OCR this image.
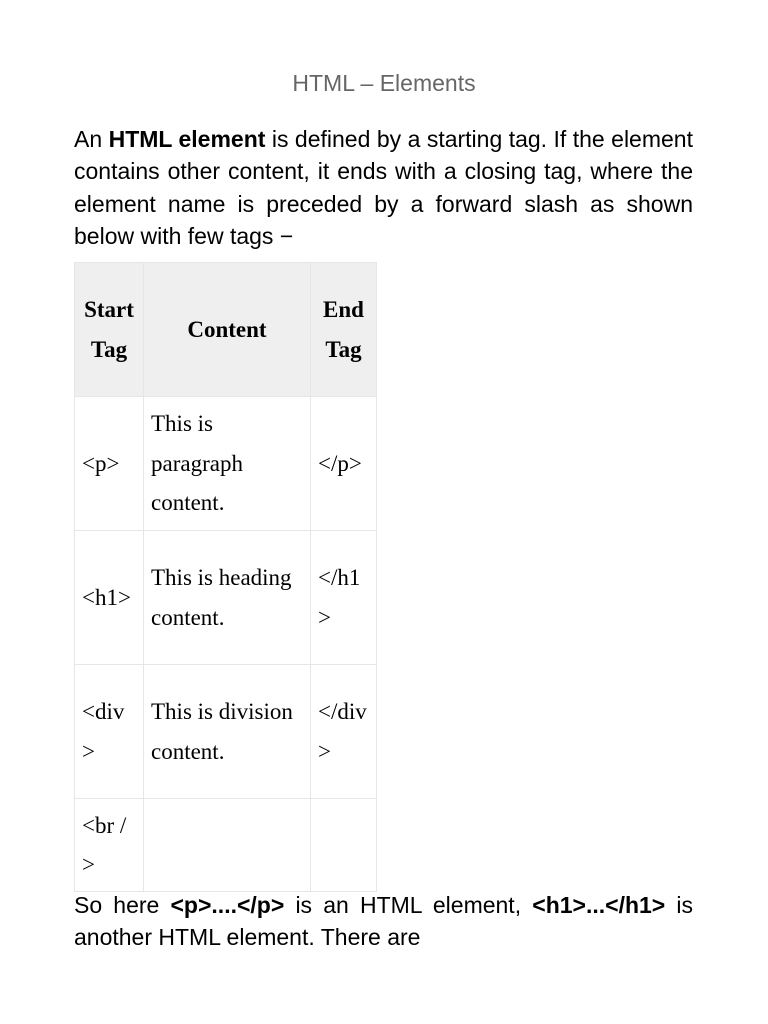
HTML – Elements

An HTML element is defined by a starting tag. If the element contains other content, it ends with a closing tag, where the element name is preceded by a forward slash as shown below with few tags −

Start Tag	Content	End Tag
<p>	This is paragraph content.	</p>
<h1>	This is heading content.	</h1>
<div>	This is division content.	</div>
<br />		

So here <p>....</p> is an HTML element, <h1>...</h1> is another HTML element. There are
